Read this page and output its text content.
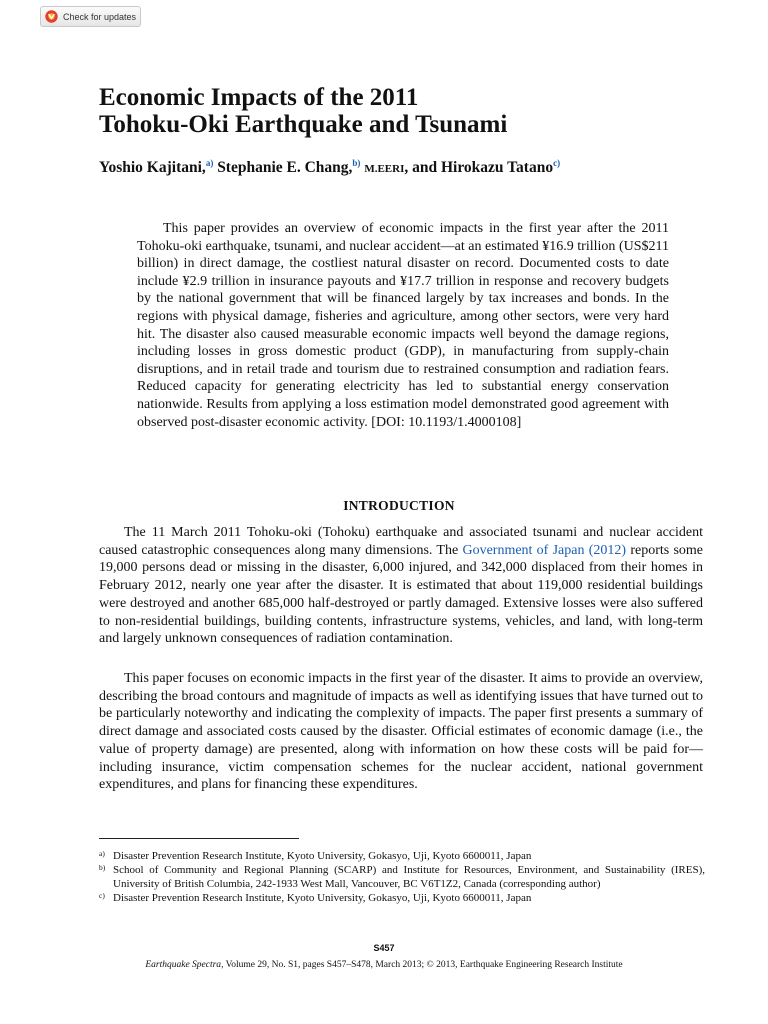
Check for updates
Economic Impacts of the 2011
Tohoku-Oki Earthquake and Tsunami
Yoshio Kajitani,$^{a)}$ Stephanie E. Chang,$^{b)}$ M.EERI, and Hirokazu Tatano$^{c)}$

This paper provides an overview of economic impacts in the first year after the 2011 Tohoku-oki earthquake, tsunami, and nuclear accident—at an estimated ¥16.9 trillion (US$211 billion) in direct damage, the costliest natural disaster on record. Documented costs to date include ¥2.9 trillion in insurance payouts and ¥17.7 trillion in response and recovery budgets by the national government that will be financed largely by tax increases and bonds. In the regions with physical damage, fisheries and agriculture, among other sectors, were very hard hit. The disaster also caused measurable economic impacts well beyond the damage regions, including losses in gross domestic product (GDP), in manufacturing from supply-chain disruptions, and in retail trade and tourism due to restrained consumption and radiation fears. Reduced capacity for generating electricity has led to substantial energy conservation nationwide. Results from applying a loss estimation model demonstrated good agreement with observed post-disaster economic activity. [DOI: 10.1193/1.4000108]

INTRODUCTION

The 11 March 2011 Tohoku-oki (Tohoku) earthquake and associated tsunami and nuclear accident caused catastrophic consequences along many dimensions. The Government of Japan (2012) reports some 19,000 persons dead or missing in the disaster, 6,000 injured, and 342,000 displaced from their homes in February 2012, nearly one year after the disaster. It is estimated that about 119,000 residential buildings were destroyed and another 685,000 half-destroyed or partly damaged. Extensive losses were also suffered to non-residential buildings, building contents, infrastructure systems, vehicles, and land, with long-term and largely unknown consequences of radiation contamination.

This paper focuses on economic impacts in the first year of the disaster. It aims to provide an overview, describing the broad contours and magnitude of impacts as well as identifying issues that have turned out to be particularly noteworthy and indicating the complexity of impacts. The paper first presents a summary of direct damage and associated costs caused by the disaster. Official estimates of economic damage (i.e., the value of property damage) are presented, along with information on how these costs will be paid for—including insurance, victim compensation schemes for the nuclear accident, national government expenditures, and plans for financing these expenditures.

a) Disaster Prevention Research Institute, Kyoto University, Gokasyo, Uji, Kyoto 6600011, Japan
b) School of Community and Regional Planning (SCARP) and Institute for Resources, Environment, and Sustainability (IRES), University of British Columbia, 242-1933 West Mall, Vancouver, BC V6T1Z2, Canada (corresponding author)
c) Disaster Prevention Research Institute, Kyoto University, Gokasyo, Uji, Kyoto 6600011, Japan
S457
Earthquake Spectra, Volume 29, No. S1, pages S457–S478, March 2013; © 2013, Earthquake Engineering Research Institute
